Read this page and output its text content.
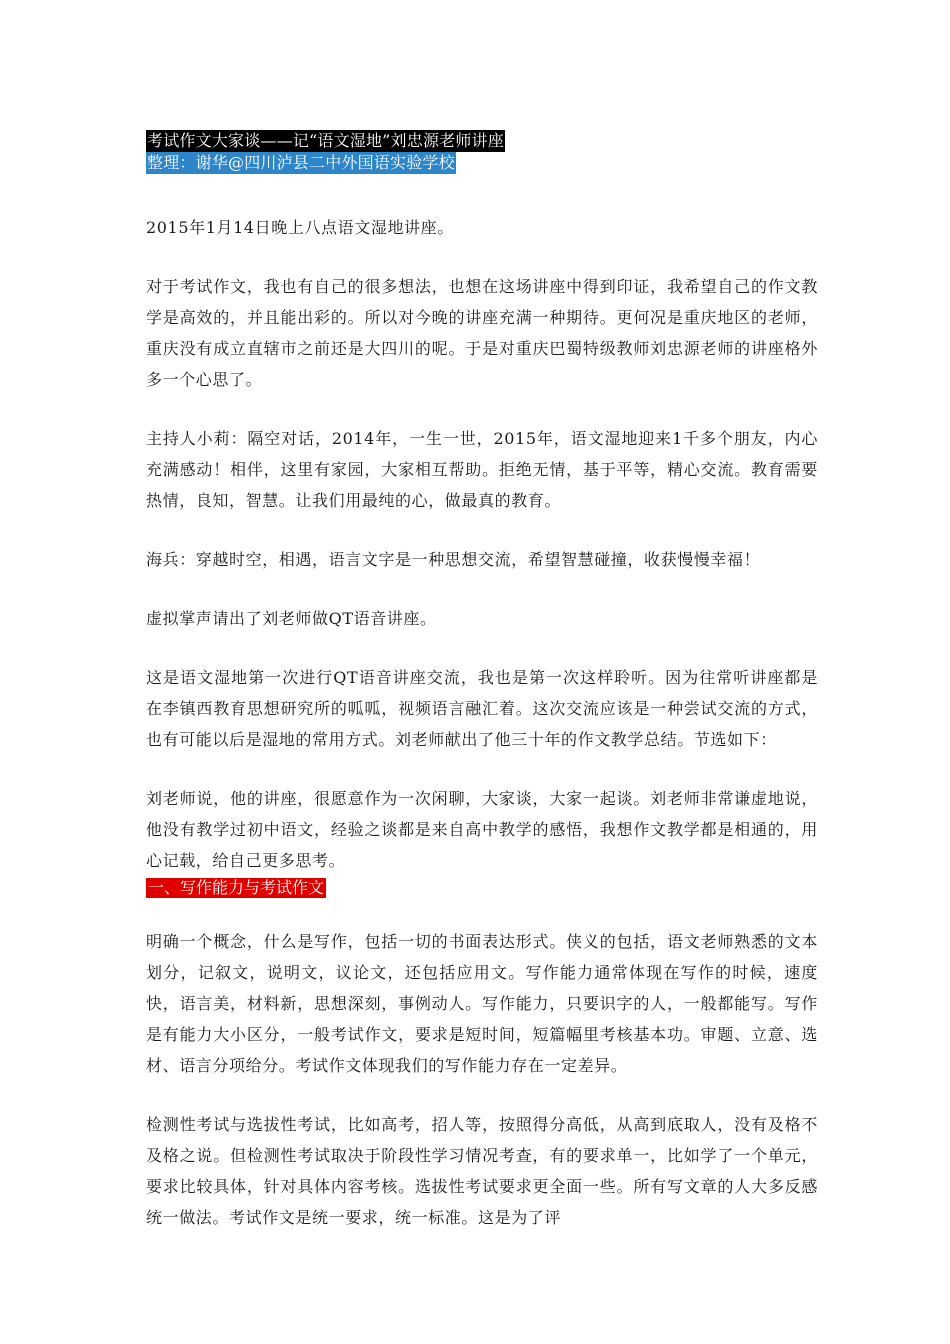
考试作文大家谈——记“语文湿地”刘忠源老师讲座
整理：谢华@四川泸县二中外国语实验学校

2015年1月14日晚上八点语文湿地讲座。

对于考试作文，我也有自己的很多想法，也想在这场讲座中得到印证，我希望自己的作文教学是高效的，并且能出彩的。所以对今晚的讲座充满一种期待。更何况是重庆地区的老师，重庆没有成立直辖市之前还是大四川的呢。于是对重庆巴蜀特级教师刘忠源老师的讲座格外多一个心思了。

主持人小莉：隔空对话，2014年，一生一世，2015年，语文湿地迎来1千多个朋友，内心充满感动！相伴，这里有家园，大家相互帮助。拒绝无情，基于平等，精心交流。教育需要热情，良知，智慧。让我们用最纯的心，做最真的教育。

海兵：穿越时空，相遇，语言文字是一种思想交流，希望智慧碰撞，收获慢慢幸福！

虚拟掌声请出了刘老师做QT语音讲座。

这是语文湿地第一次进行QT语音讲座交流，我也是第一次这样聆听。因为往常听讲座都是在李镇西教育思想研究所的呱呱，视频语言融汇着。这次交流应该是一种尝试交流的方式，也有可能以后是湿地的常用方式。刘老师献出了他三十年的作文教学总结。节选如下：

刘老师说，他的讲座，很愿意作为一次闲聊，大家谈，大家一起谈。刘老师非常谦虚地说，他没有教学过初中语文，经验之谈都是来自高中教学的感悟，我想作文教学都是相通的，用心记载，给自己更多思考。

一、写作能力与考试作文

明确一个概念，什么是写作，包括一切的书面表达形式。侠义的包括，语文老师熟悉的文本划分，记叙文，说明文，议论文，还包括应用文。写作能力通常体现在写作的时候，速度快，语言美，材料新，思想深刻，事例动人。写作能力，只要识字的人，一般都能写。写作是有能力大小区分，一般考试作文，要求是短时间，短篇幅里考核基本功。审题、立意、选材、语言分项给分。考试作文体现我们的写作能力存在一定差异。

检测性考试与选拔性考试，比如高考，招人等，按照得分高低，从高到底取人，没有及格不及格之说。但检测性考试取决于阶段性学习情况考查，有的要求单一，比如学了一个单元，要求比较具体，针对具体内容考核。选拔性考试要求更全面一些。所有写文章的人大多反感统一做法。考试作文是统一要求，统一标准。这是为了评
